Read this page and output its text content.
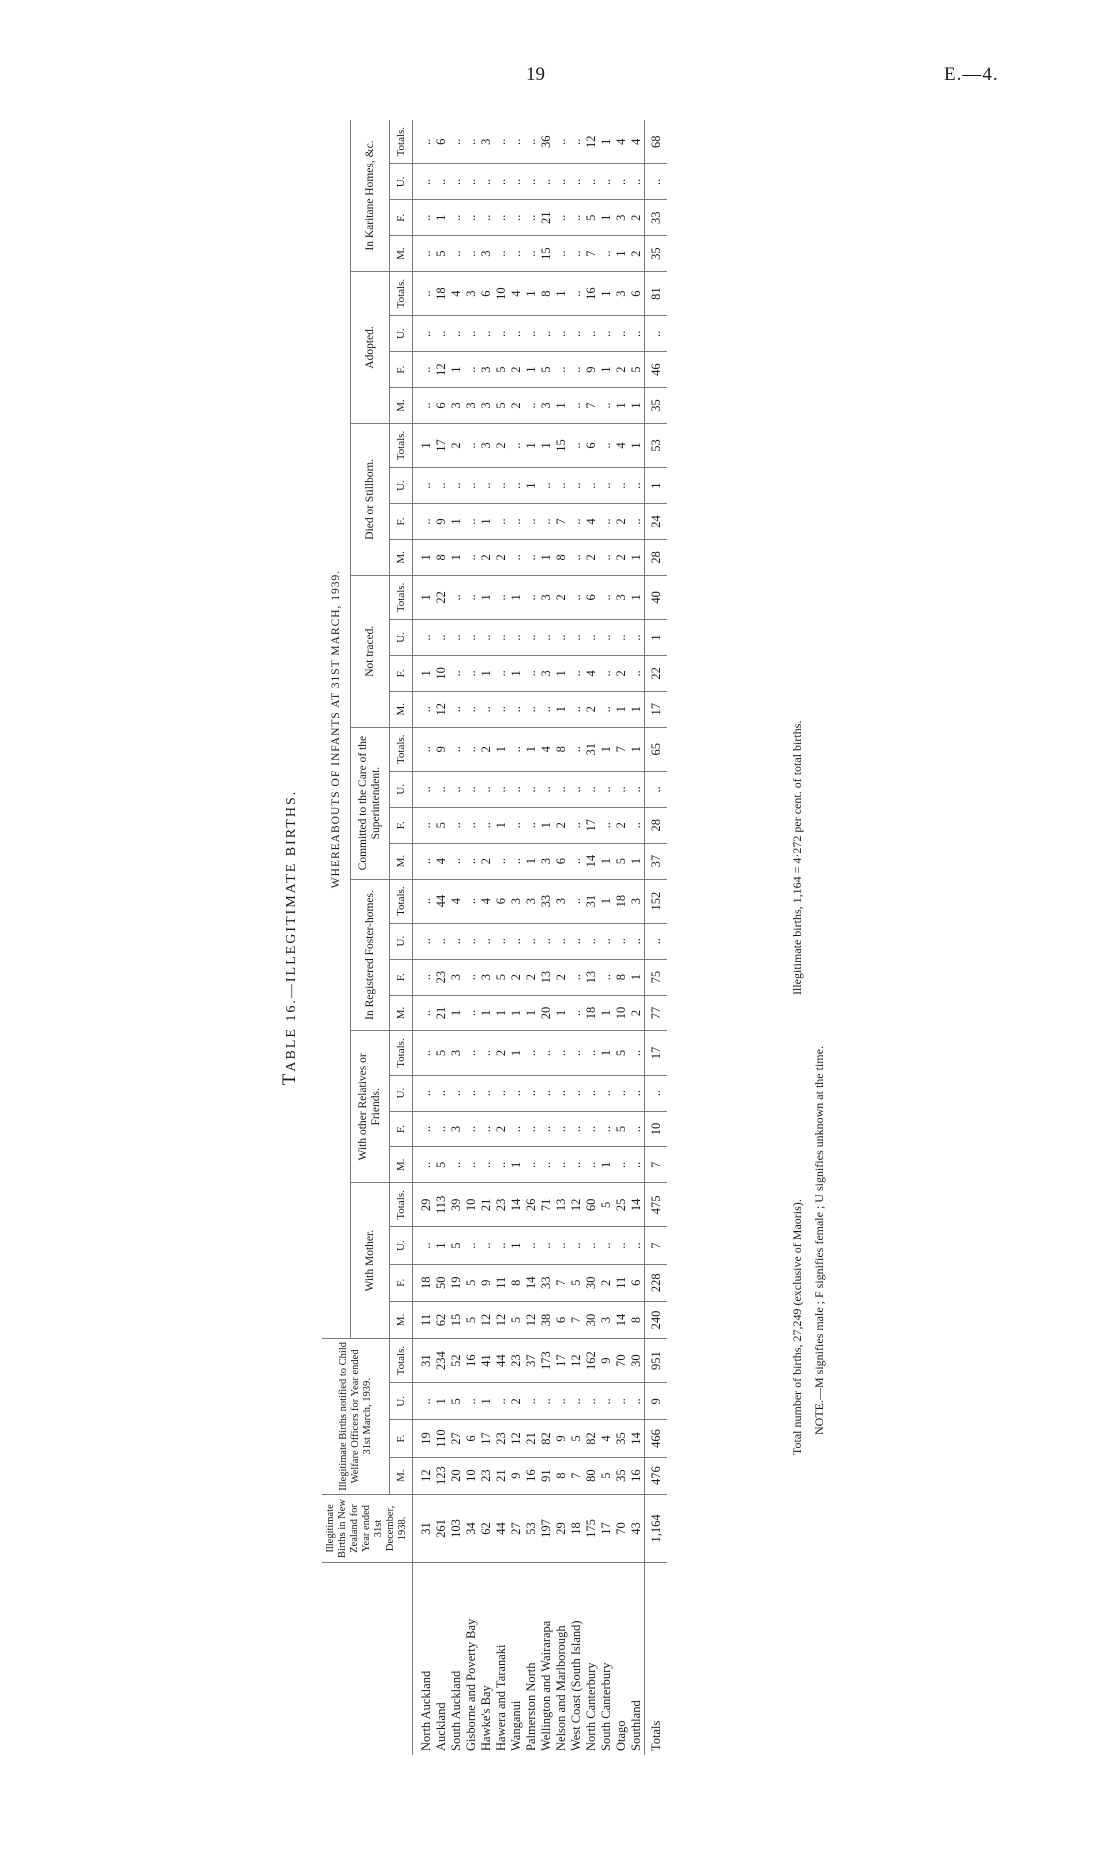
19	E.—4.
TABLE 16.—ILLEGITIMATE BIRTHS.
	Illegitimate Births in New Zealand for Year ended 31st December, 1938.	Illegitimate Births notified to Child Welfare Officers for Year ended 31st March, 1939.				WHEREABOUTS OF INFANTS AT 31ST MARCH, 1939.																															
						With Mother.				With other Relatives or Friends.				In Registered Foster-homes.				Committed to the Care of the Superintendent.				Not traced.				Died or Stillborn.				Adopted.				In Karitane Homes, &c.			
		M.	F.	U.	Totals.	M.	F.	U.	Totals.	M.	F.	U.	Totals.	M.	F.	U.	Totals.	M.	F.	U.	Totals.	M.	F.	U.	Totals.	M.	F.	U.	Totals.	M.	F.	U.	Totals.	M.	F.	U.	Totals.
North Auckland	31	12	19	..	31	11	18	..	29	..	..	..	..	..	..	..	..	..	..	..	..	..	1	..	1	1	..	..	1	..	..	..	..	..	..	..	..
Auckland	261	123	110	1	234	62	50	1	113	5	..	..	5	21	23	..	44	4	5	..	9	12	10	..	22	8	9	..	17	6	12	..	18	5	1	..	6
South Auckland	103	20	27	5	52	15	19	5	39	..	3	..	3	1	3	..	4	..	..	..	..	..	..	..	..	1	1	..	2	3	1	..	4	..	..	..	..
Gisborne and Poverty Bay	34	10	6	..	16	5	5	..	10	..	..	..	..	..	..	..	..	..	..	..	..	..	..	..	..	..	..	..	..	3	..	..	3	..	..	..	..
Hawke's Bay	62	23	17	1	41	12	9	..	21	..	..	..	..	1	3	..	4	2	..	..	2	..	1	..	1	2	1	..	3	3	3	..	6	3	..	..	3
Hawera and Taranaki	44	21	23	..	44	12	11	..	23	..	2	..	2	1	5	..	6	..	1	..	1	..	..	..	..	2	..	..	2	5	5	..	10	..	..	..	..
Wanganui	27	9	12	2	23	5	8	1	14	1	..	..	1	1	2	..	3	..	..	..	..	..	1	..	1	..	..	..	..	2	2	..	4	..	..	..	..
Palmerston North	53	16	21	..	37	12	14	..	26	..	..	..	..	1	2	..	3	1	..	..	1	..	..	..	..	..	..	1	1	..	1	..	1	..	..	..	..
Wellington and Wairarapa	197	91	82	..	173	38	33	..	71	..	..	..	..	20	13	..	33	3	1	..	4	..	3	..	3	1	..	..	1	3	5	..	8	15	21	..	36
Nelson and Marlborough	29	8	9	..	17	6	7	..	13	..	..	..	..	1	2	..	3	6	2	..	8	1	1	..	2	8	7	..	15	1	..	..	1	..	..	..	..
West Coast (South Island)	18	7	5	..	12	7	5	..	12	..	..	..	..	..	..	..	..	..	..	..	..	..	..	..	..	..	..	..	..	..	..	..	..	..	..	..	..
North Canterbury	175	80	82	..	162	30	30	..	60	..	..	..	..	18	13	..	31	14	17	..	31	2	4	..	6	2	4	..	6	7	9	..	16	7	5	..	12
South Canterbury	17	5	4	..	9	3	2	..	5	1	..	..	1	1	..	..	1	1	..	..	1	..	..	..	..	..	..	..	..	..	1	..	1	..	1	..	1
Otago	70	35	35	..	70	14	11	..	25	..	5	..	5	10	8	..	18	5	2	..	7	1	2	..	3	2	2	..	4	1	2	..	3	1	3	..	4
Southland	43	16	14	..	30	8	6	..	14	..	..	..	..	2	1	..	3	1	..	..	1	1	..	..	1	1	..	..	1	1	5	..	6	2	2	..	4
Totals	1,164	476	466	9	951	240	228	7	475	7	10	..	17	77	75	..	152	37	28	..	65	17	22	1	40	28	24	1	53	35	46	..	81	35	33	..	68
Total number of births, 27,249 (exclusive of Maoris).
Illegitimate births, 1,164 = 4·272 per cent. of total births.
NOTE.—M signifies male ; F signifies female ; U signifies unknown at the time.
